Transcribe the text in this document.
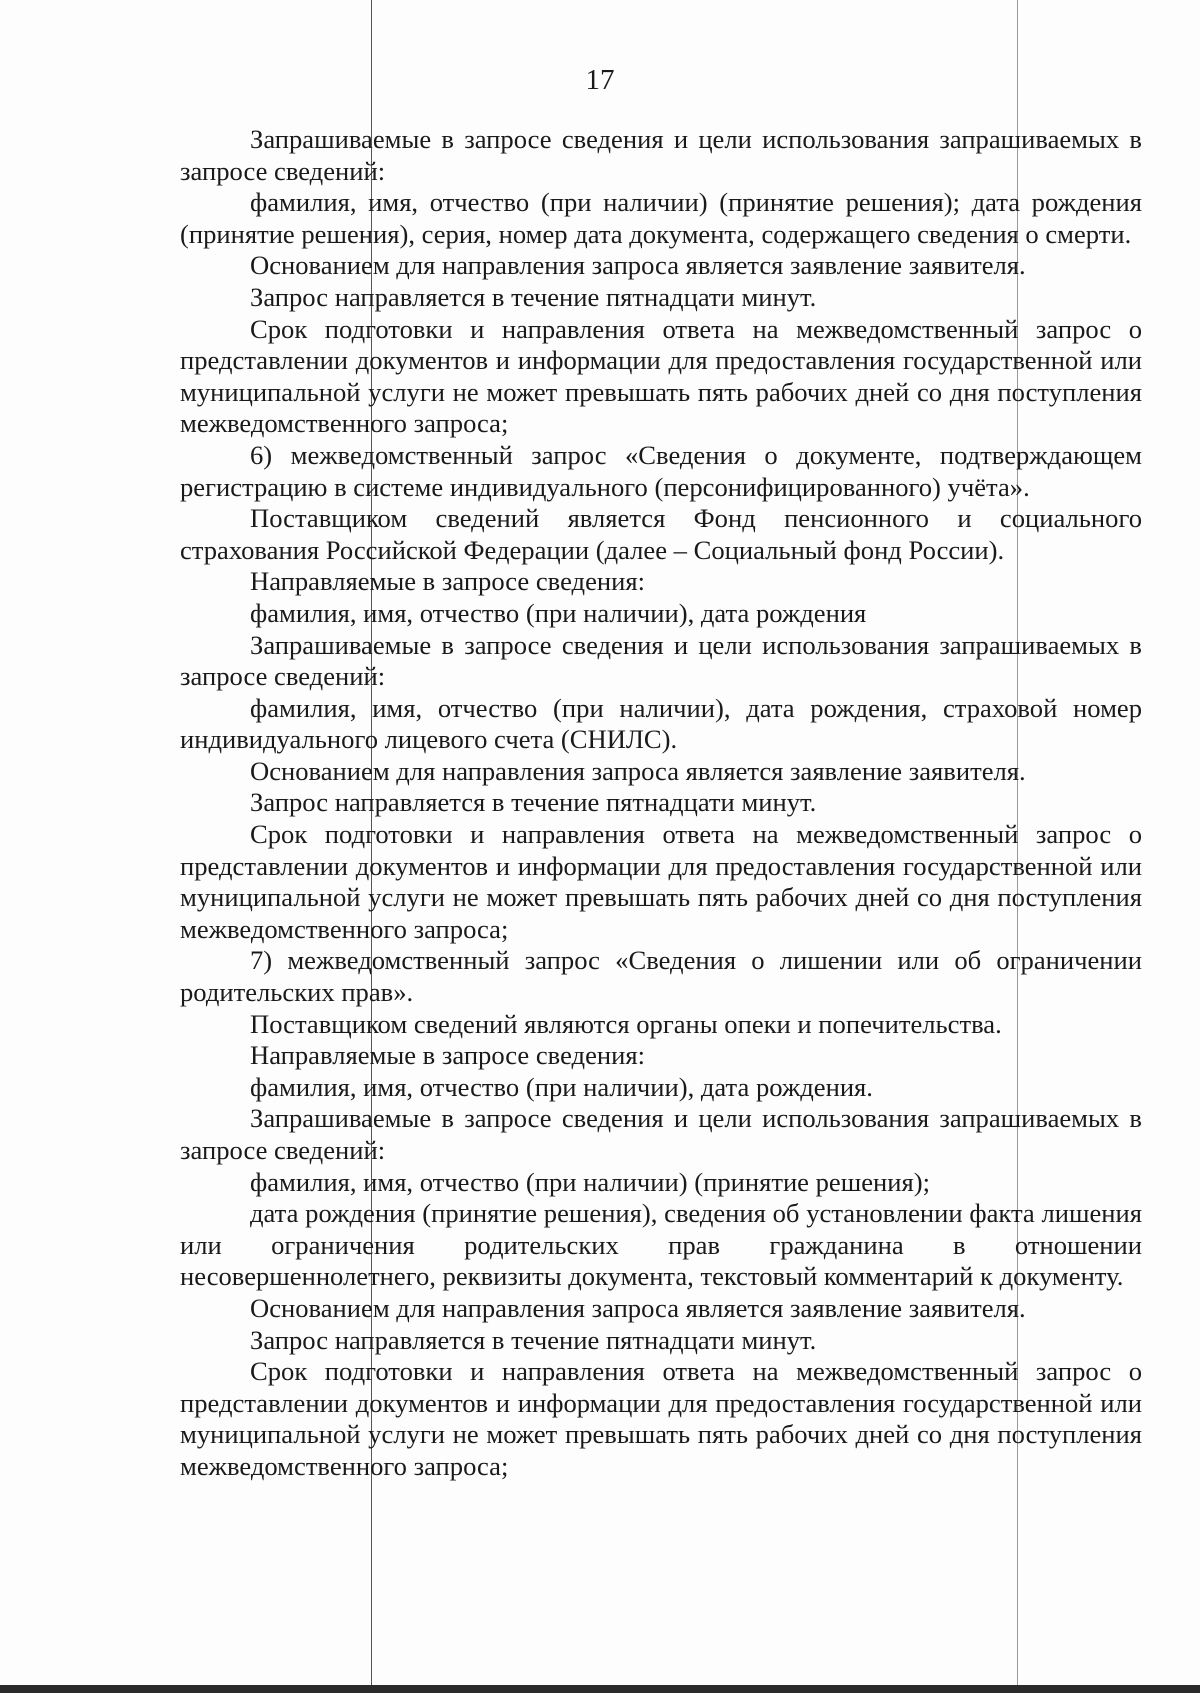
17

Запрашиваемые в запросе сведения и цели использования запрашиваемых в запросе сведений:

фамилия, имя, отчество (при наличии) (принятие решения); дата рождения (принятие решения), серия, номер дата документа, содержащего сведения о смерти.

Основанием для направления запроса является заявление заявителя.

Запрос направляется в течение пятнадцати минут.

Срок подготовки и направления ответа на межведомственный запрос о представлении документов и информации для предоставления государственной или муниципальной услуги не может превышать пять рабочих дней со дня поступления межведомственного запроса;

6) межведомственный запрос «Сведения о документе, подтверждающем регистрацию в системе индивидуального (персонифицированного) учёта».

Поставщиком сведений является Фонд пенсионного и социального страхования Российской Федерации (далее – Социальный фонд России).

Направляемые в запросе сведения:

фамилия, имя, отчество (при наличии), дата рождения

Запрашиваемые в запросе сведения и цели использования запрашиваемых в запросе сведений:

фамилия, имя, отчество (при наличии), дата рождения, страховой номер индивидуального лицевого счета (СНИЛС).

Основанием для направления запроса является заявление заявителя.

Запрос направляется в течение пятнадцати минут.

Срок подготовки и направления ответа на межведомственный запрос о представлении документов и информации для предоставления государственной или муниципальной услуги не может превышать пять рабочих дней со дня поступления межведомственного запроса;

7) межведомственный запрос «Сведения о лишении или об ограничении родительских прав».

Поставщиком сведений являются органы опеки и попечительства.

Направляемые в запросе сведения:

фамилия, имя, отчество (при наличии), дата рождения.

Запрашиваемые в запросе сведения и цели использования запрашиваемых в запросе сведений:

фамилия, имя, отчество (при наличии) (принятие решения);

дата рождения (принятие решения), сведения об установлении факта лишения или ограничения родительских прав гражданина в отношении несовершеннолетнего, реквизиты документа, текстовый комментарий к документу.

Основанием для направления запроса является заявление заявителя.

Запрос направляется в течение пятнадцати минут.

Срок подготовки и направления ответа на межведомственный запрос о представлении документов и информации для предоставления государственной или муниципальной услуги не может превышать пять рабочих дней со дня поступления межведомственного запроса;
